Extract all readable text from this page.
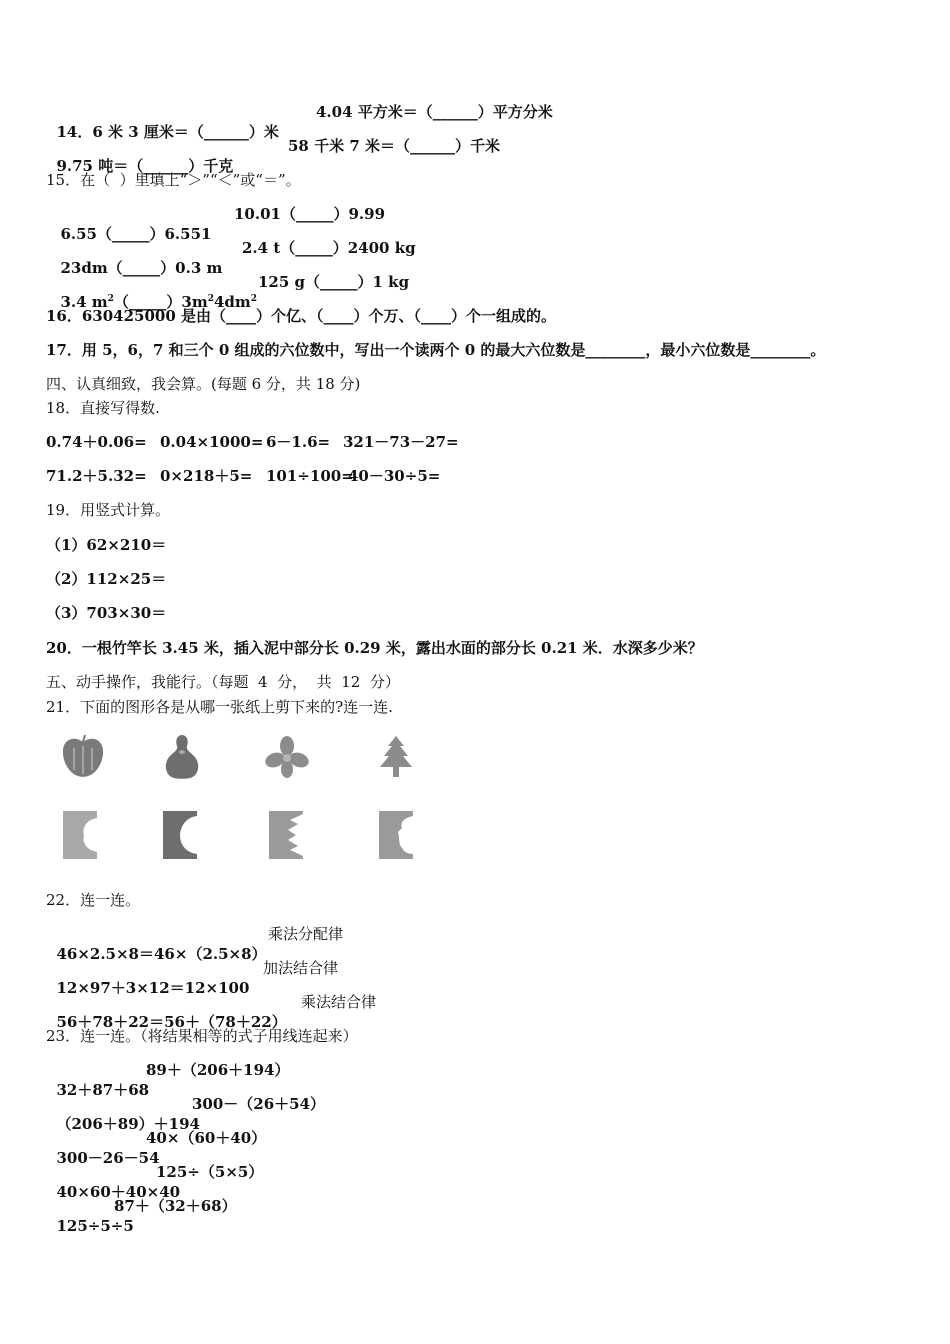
14．6 米 3 厘米＝（______）米

4.04 平方米＝（______）平方分米

9.75 吨＝（______）千克

58 千米 7 米＝（______）千米

15．在（  ）里填上“＞”“＜”或“＝”。

6.55（_____）6.551

10.01（_____）9.99

23dm（_____）0.3 m

2.4 t（_____）2400 kg

3.4 $m^2(\_\_\_\_\_)3m^24dm^2$

125 g（_____）1 kg

16．630425000 是由（____）个亿、（____）个万、（____）个一组成的。
17．用 5，6，7 和三个 0 组成的六位数中，写出一个读两个 0 的最大六位数是________，最小六位数是________。
四、认真细致，我会算。(每题 6 分，共 18 分)
18．直接写得数.

0.74＋0.06=

0.04×1000=

6－1.6=

321－73－27=

71.2＋5.32=

0×218＋5=

101÷100=

40－30÷5=

19．用竖式计算。
（1）62×210＝
（2）112×25＝
（3）703×30＝
20．一根竹竿长 3.45 米，插入泥中部分长 0.29 米，露出水面的部分长 0.21 米．水深多少米？
五、动手操作，我能行。（每题  4  分，  共  12  分）
21．下面的图形各是从哪一张纸上剪下来的?连一连.
22．连一连。

46×2.5×8＝46×（2.5×8）

乘法分配律

12×97＋3×12＝12×100

加法结合律

56＋78＋22＝56＋（78＋22）

乘法结合律

23．连一连。（将结果相等的式子用线连起来）

32＋87＋68

89＋（206＋194）

（206＋89）＋194

300－（26＋54）

300－26－54

40×（60＋40）

40×60＋40×40

125÷（5×5）

125÷5÷5

87＋（32＋68）
